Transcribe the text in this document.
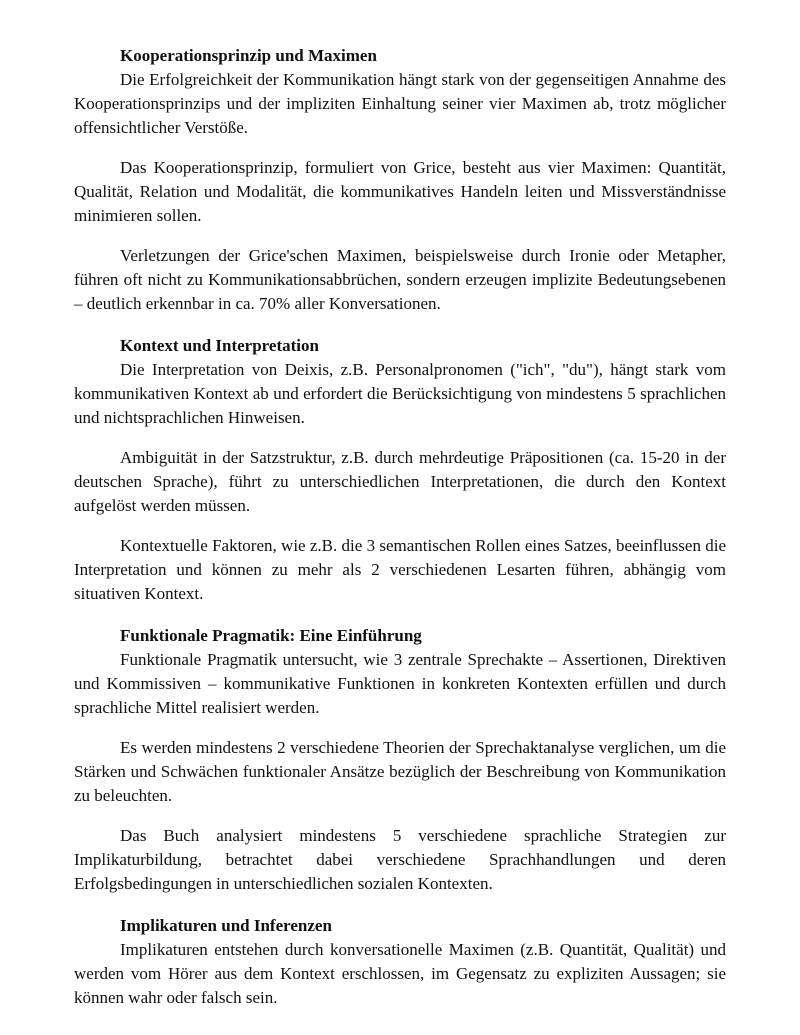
Kooperationsprinzip und Maximen

Die Erfolgreichkeit der Kommunikation hängt stark von der gegenseitigen Annahme des Kooperationsprinzips und der impliziten Einhaltung seiner vier Maximen ab, trotz möglicher offensichtlicher Verstöße.

Das Kooperationsprinzip, formuliert von Grice, besteht aus vier Maximen: Quantität, Qualität, Relation und Modalität, die kommunikatives Handeln leiten und Missverständnisse minimieren sollen.

Verletzungen der Grice'schen Maximen, beispielsweise durch Ironie oder Metapher, führen oft nicht zu Kommunikationsabbrüchen, sondern erzeugen implizite Bedeutungsebenen – deutlich erkennbar in ca. 70% aller Konversationen.

Kontext und Interpretation

Die Interpretation von Deixis, z.B. Personalpronomen ("ich", "du"), hängt stark vom kommunikativen Kontext ab und erfordert die Berücksichtigung von mindestens 5 sprachlichen und nichtsprachlichen Hinweisen.

Ambiguität in der Satzstruktur, z.B. durch mehrdeutige Präpositionen (ca. 15-20 in der deutschen Sprache), führt zu unterschiedlichen Interpretationen, die durch den Kontext aufgelöst werden müssen.

Kontextuelle Faktoren, wie z.B. die 3 semantischen Rollen eines Satzes, beeinflussen die Interpretation und können zu mehr als 2 verschiedenen Lesarten führen, abhängig vom situativen Kontext.

Funktionale Pragmatik: Eine Einführung

Funktionale Pragmatik untersucht, wie 3 zentrale Sprechakte – Assertionen, Direktiven und Kommissiven – kommunikative Funktionen in konkreten Kontexten erfüllen und durch sprachliche Mittel realisiert werden.

Es werden mindestens 2 verschiedene Theorien der Sprechaktanalyse verglichen, um die Stärken und Schwächen funktionaler Ansätze bezüglich der Beschreibung von Kommunikation zu beleuchten.

Das Buch analysiert mindestens 5 verschiedene sprachliche Strategien zur Implikaturbildung, betrachtet dabei verschiedene Sprachhandlungen und deren Erfolgsbedingungen in unterschiedlichen sozialen Kontexten.

Implikaturen und Inferenzen

Implikaturen entstehen durch konversationelle Maximen (z.B. Quantität, Qualität) und werden vom Hörer aus dem Kontext erschlossen, im Gegensatz zu expliziten Aussagen; sie können wahr oder falsch sein.
